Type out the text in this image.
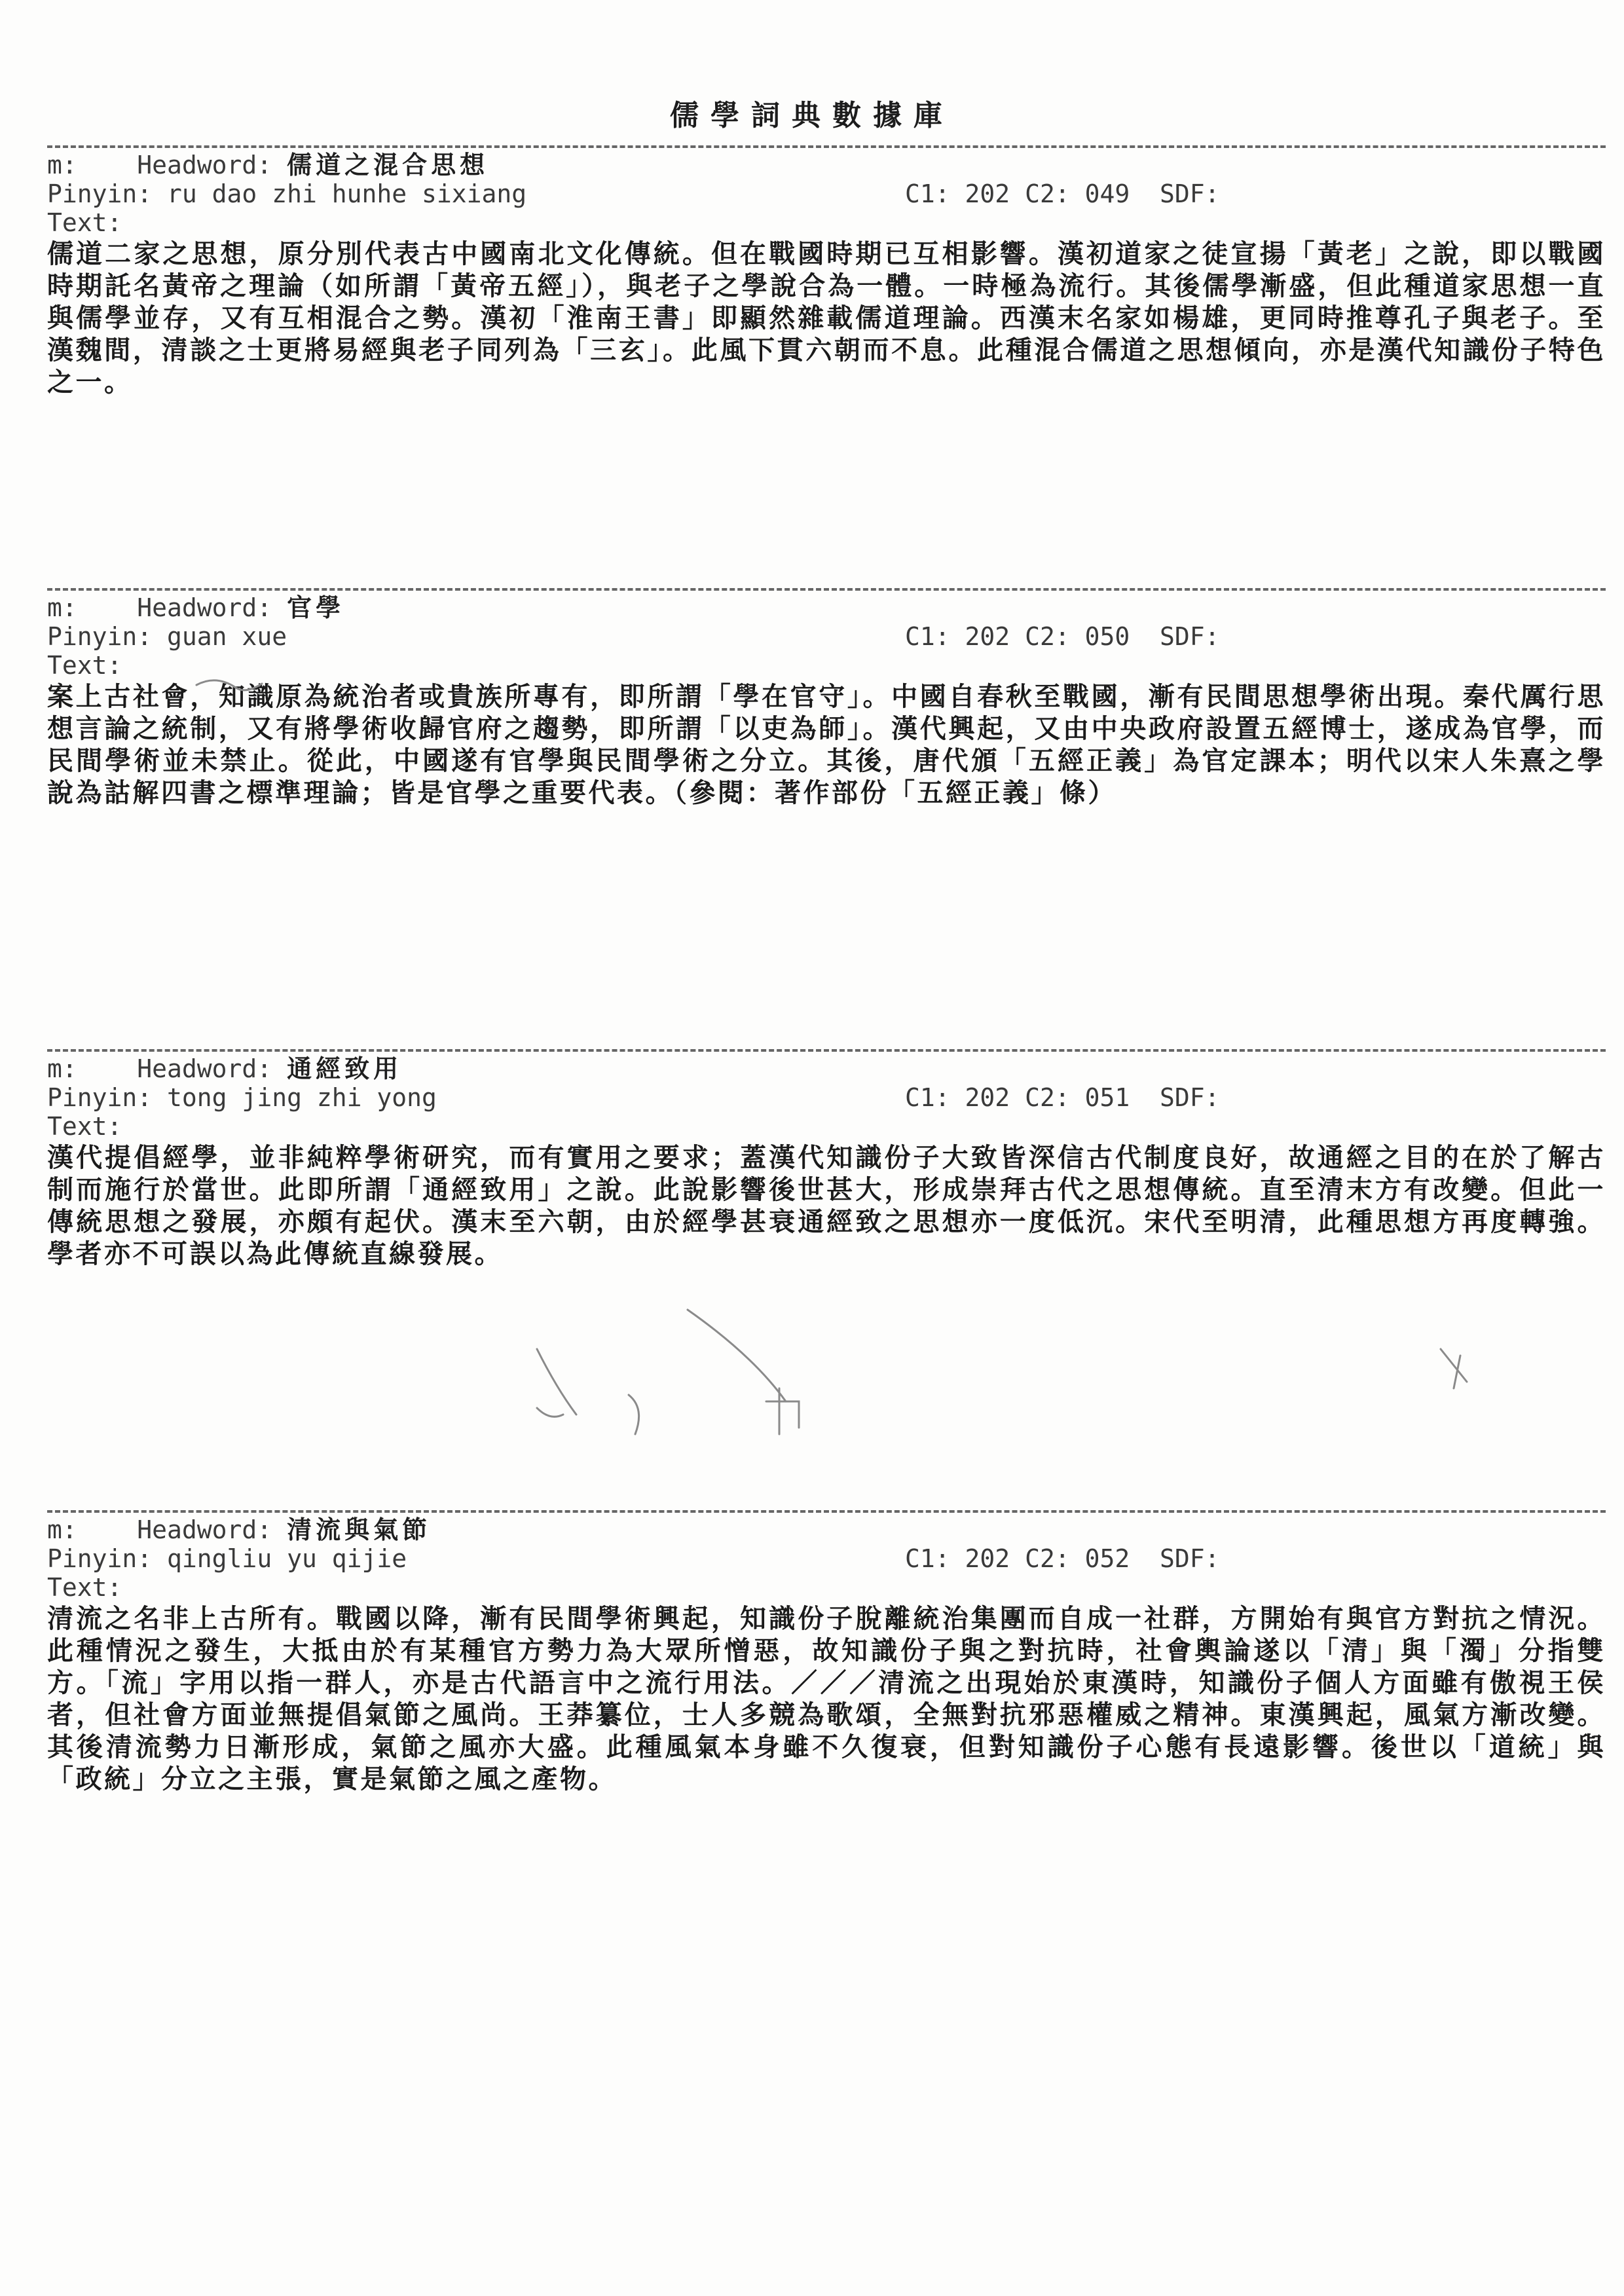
儒學詞典數據庫
m: Headword: 儒道之混合思想
Pinyin: ru dao zhi hunhe sixiang	C1: 202 C2: 049 SDF:
Text:
儒道二家之思想，原分別代表古中國南北文化傳統。但在戰國時期已互相影響。漢初道家之徒宣揚「黃老」之說，即以戰國時期託名黃帝之理論（如所謂「黃帝五經」），與老子之學說合為一體。一時極為流行。其後儒學漸盛，但此種道家思想一直與儒學並存，又有互相混合之勢。漢初「淮南王書」即顯然雜載儒道理論。西漢末名家如楊雄，更同時推尊孔子與老子。至漢魏間，清談之士更將易經與老子同列為「三玄」。此風下貫六朝而不息。此種混合儒道之思想傾向，亦是漢代知識份子特色之一。
m: Headword: 官學
Pinyin: guan xue	C1: 202 C2: 050 SDF:
Text:
案上古社會，知識原為統治者或貴族所專有，即所謂「學在官守」。中國自春秋至戰國，漸有民間思想學術出現。秦代厲行思想言論之統制，又有將學術收歸官府之趨勢，即所謂「以吏為師」。漢代興起，又由中央政府設置五經博士，遂成為官學，而民間學術並未禁止。從此，中國遂有官學與民間學術之分立。其後，唐代頒「五經正義」為官定課本；明代以宋人朱熹之學說為詁解四書之標準理論；皆是官學之重要代表。（參閱：著作部份「五經正義」條）
m: Headword: 通經致用
Pinyin: tong jing zhi yong	C1: 202 C2: 051 SDF:
Text:
漢代提倡經學，並非純粹學術研究，而有實用之要求；蓋漢代知識份子大致皆深信古代制度良好，故通經之目的在於了解古制而施行於當世。此即所謂「通經致用」之說。此說影響後世甚大，形成崇拜古代之思想傳統。直至清末方有改變。但此一傳統思想之發展，亦頗有起伏。漢末至六朝，由於經學甚衰通經致之思想亦一度低沉。宋代至明清，此種思想方再度轉強。學者亦不可誤以為此傳統直線發展。
m: Headword: 清流與氣節
Pinyin: qingliu yu qijie	C1: 202 C2: 052 SDF:
Text:
清流之名非上古所有。戰國以降，漸有民間學術興起，知識份子脫離統治集團而自成一社群，方開始有與官方對抗之情況。此種情況之發生，大抵由於有某種官方勢力為大眾所憎惡，故知識份子與之對抗時，社會輿論遂以「清」與「濁」分指雙方。「流」字用以指一群人，亦是古代語言中之流行用法。／／／清流之出現始於東漢時，知識份子個人方面雖有傲視王侯者，但社會方面並無提倡氣節之風尚。王莽纂位，士人多競為歌頌，全無對抗邪惡權威之精神。東漢興起，風氣方漸改變。其後清流勢力日漸形成，氣節之風亦大盛。此種風氣本身雖不久復衰，但對知識份子心態有長遠影響。後世以「道統」與「政統」分立之主張，實是氣節之風之產物。
